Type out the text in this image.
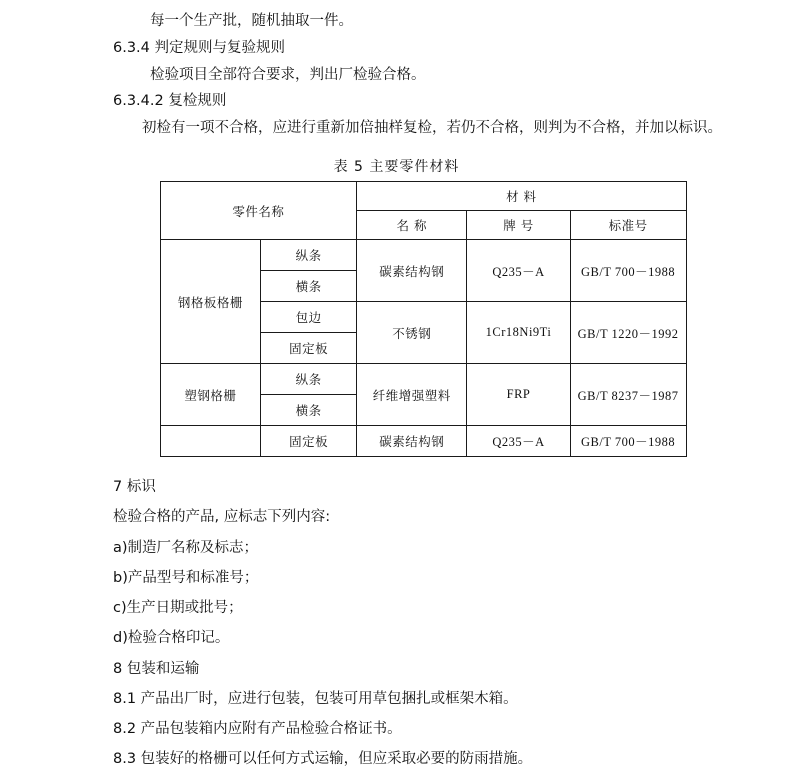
每一个生产批，随机抽取一件。

6.3.4 判定规则与复验规则

检验项目全部符合要求，判出厂检验合格。

6.3.4.2 复检规则

初检有一项不合格，应进行重新加倍抽样复检，若仍不合格，则判为不合格，并加以标识。

表 5 主要零件材料
零件名称		材 料		
		名 称	牌 号	标准号
钢格板格栅	纵条	碳素结构钢	Q235－A	GB/T 700－1988
	横条			
	包边	不锈钢	1Cr18Ni9Ti	GB/T 1220－1992
	固定板			
塑钢格栅	纵条	纤维增强塑料	FRP	GB/T 8237－1987
	横条			
	固定板	碳素结构钢	Q235－A	GB/T 700－1988

7 标识

检验合格的产品, 应标志下列内容:

a)制造厂名称及标志；

b)产品型号和标准号；

c)生产日期或批号；

d)检验合格印记。

8 包装和运输

8.1 产品出厂时，应进行包装，包装可用草包捆扎或框架木箱。

8.2 产品包装箱内应附有产品检验合格证书。

8.3 包装好的格栅可以任何方式运输，但应采取必要的防雨措施。
